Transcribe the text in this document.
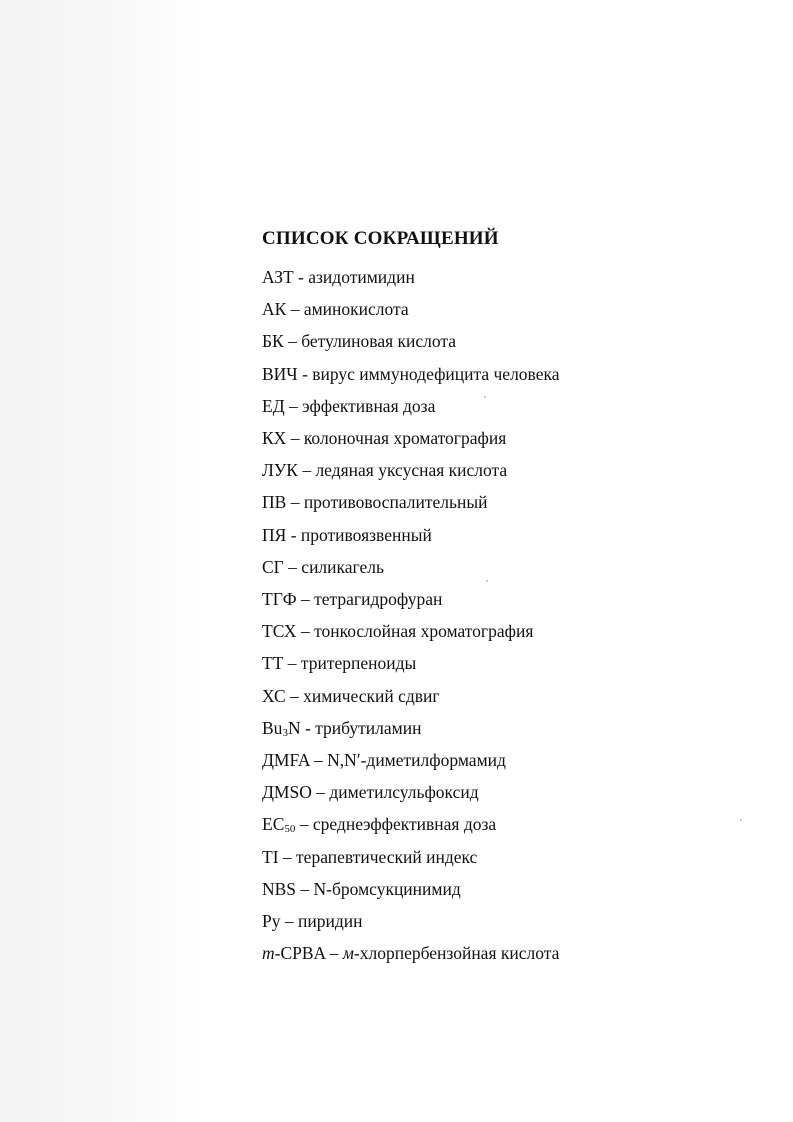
СПИСОК СОКРАЩЕНИЙ
АЗТ - азидотимидин
АК – аминокислота
БК – бетулиновая кислота
ВИЧ - вирус иммунодефицита человека
ЕД – эффективная доза
КХ – колоночная хроматография
ЛУК – ледяная уксусная кислота
ПВ – противовоспалительный
ПЯ - противоязвенный
СГ – силикагель
ТГФ – тетрагидрофуран
ТСХ – тонкослойная хроматография
ТТ – тритерпеноиды
ХС – химический сдвиг
$Bu_3N$ - трибутиламин
ДМFA – N,N′-диметилформамид
ДМSO – диметилсульфоксид
$EC_{50}$ – среднеэффективная доза
TI – терапевтический индекс
NBS – N-бромсукцинимид
Py – пиридин
m-CPBA – м-хлорпербензойная кислота
